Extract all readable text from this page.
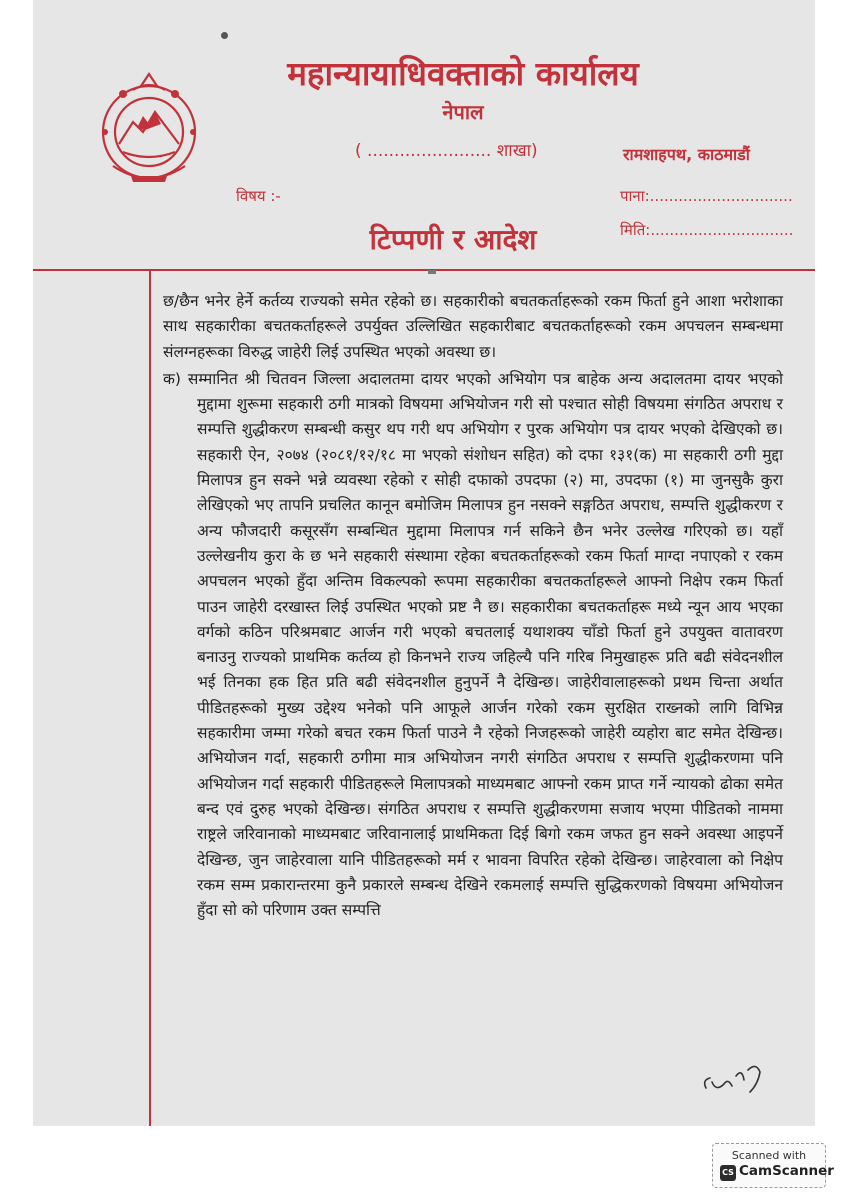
महान्यायाधिवक्ताको कार्यालय
नेपाल
( ....................... शाखा)	रामशाहपथ, काठमाडौं
विषय :-	पाना:..............................
टिप्पणी र आदेश	मिति:..............................

छ/छैन भनेर हेर्ने कर्तव्य राज्यको समेत रहेको छ। सहकारीको बचतकर्ताहरूको रकम फिर्ता हुने आशा भरोशाका साथ सहकारीका बचतकर्ताहरूले उपर्युक्त उल्लिखित सहकारीबाट बचतकर्ताहरूको रकम अपचलन सम्बन्धमा संलग्नहरूका विरुद्ध जाहेरी लिई उपस्थित भएको अवस्था छ।

क) सम्मानित श्री चितवन जिल्ला अदालतमा दायर भएको अभियोग पत्र बाहेक अन्य अदालतमा दायर भएको मुद्दामा शुरूमा सहकारी ठगी मात्रको विषयमा अभियोजन गरी सो पश्चात सोही विषयमा संगठित अपराध र सम्पत्ति शुद्धीकरण सम्बन्धी कसुर थप गरी थप अभियोग र पुरक अभियोग पत्र दायर भएको देखिएको छ। सहकारी ऐन, २०७४ (२०८१/१२/१८ मा भएको संशोधन सहित) को दफा १३१(क) मा सहकारी ठगी मुद्दा मिलापत्र हुन सक्ने भन्ने व्यवस्था रहेको र सोही दफाको उपदफा (२) मा, उपदफा (१) मा जुनसुकै कुरा लेखिएको भए तापनि प्रचलित कानून बमोजिम मिलापत्र हुन नसक्ने सङ्गठित अपराध, सम्पत्ति शुद्धीकरण र अन्य फौजदारी कसूरसँग सम्बन्धित मुद्दामा मिलापत्र गर्न सकिने छैन भनेर उल्लेख गरिएको छ। यहाँ उल्लेखनीय कुरा के छ भने सहकारी संस्थामा रहेका बचतकर्ताहरूको रकम फिर्ता माग्दा नपाएको र रकम अपचलन भएको हुँदा अन्तिम विकल्पको रूपमा सहकारीका बचतकर्ताहरूले आफ्नो निक्षेप रकम फिर्ता पाउन जाहेरी दरखास्त लिई उपस्थित भएको प्रष्ट नै छ। सहकारीका बचतकर्ताहरू मध्ये न्यून आय भएका वर्गको कठिन परिश्रमबाट आर्जन गरी भएको बचतलाई यथाशक्य चाँडो फिर्ता हुने उपयुक्त वातावरण बनाउनु राज्यको प्राथमिक कर्तव्य हो किनभने राज्य जहिल्यै पनि गरिब निमुखाहरू प्रति बढी संवेदनशील भई तिनका हक हित प्रति बढी संवेदनशील हुनुपर्ने नै देखिन्छ। जाहेरीवालाहरूको प्रथम चिन्ता अर्थात पीडितहरूको मुख्य उद्देश्य भनेको पनि आफूले आर्जन गरेको रकम सुरक्षित राख्नको लागि विभिन्न सहकारीमा जम्मा गरेको बचत रकम फिर्ता पाउने नै रहेको निजहरूको जाहेरी व्यहोरा बाट समेत देखिन्छ। अभियोजन गर्दा, सहकारी ठगीमा मात्र अभियोजन नगरी संगठित अपराध र सम्पत्ति शुद्धीकरणमा पनि अभियोजन गर्दा सहकारी पीडितहरूले मिलापत्रको माध्यमबाट आफ्नो रकम प्राप्त गर्ने न्यायको ढोका समेत बन्द एवं दुरुह भएको देखिन्छ। संगठित अपराध र सम्पत्ति शुद्धीकरणमा सजाय भएमा पीडितको नाममा राष्ट्रले जरिवानाको माध्यमबाट जरिवानालाई प्राथमिकता दिई बिगो रकम जफत हुन सक्ने अवस्था आइपर्ने देखिन्छ, जुन जाहेरवाला यानि पीडितहरूको मर्म र भावना विपरित रहेको देखिन्छ। जाहेरवाला को निक्षेप रकम सम्म प्रकारान्तरमा कुनै प्रकारले सम्बन्ध देखिने रकमलाई सम्पत्ति सुद्धिकरणको विषयमा अभियोजन हुँदा सो को परिणाम उक्त सम्पत्ति

Scanned with
CS CamScanner
